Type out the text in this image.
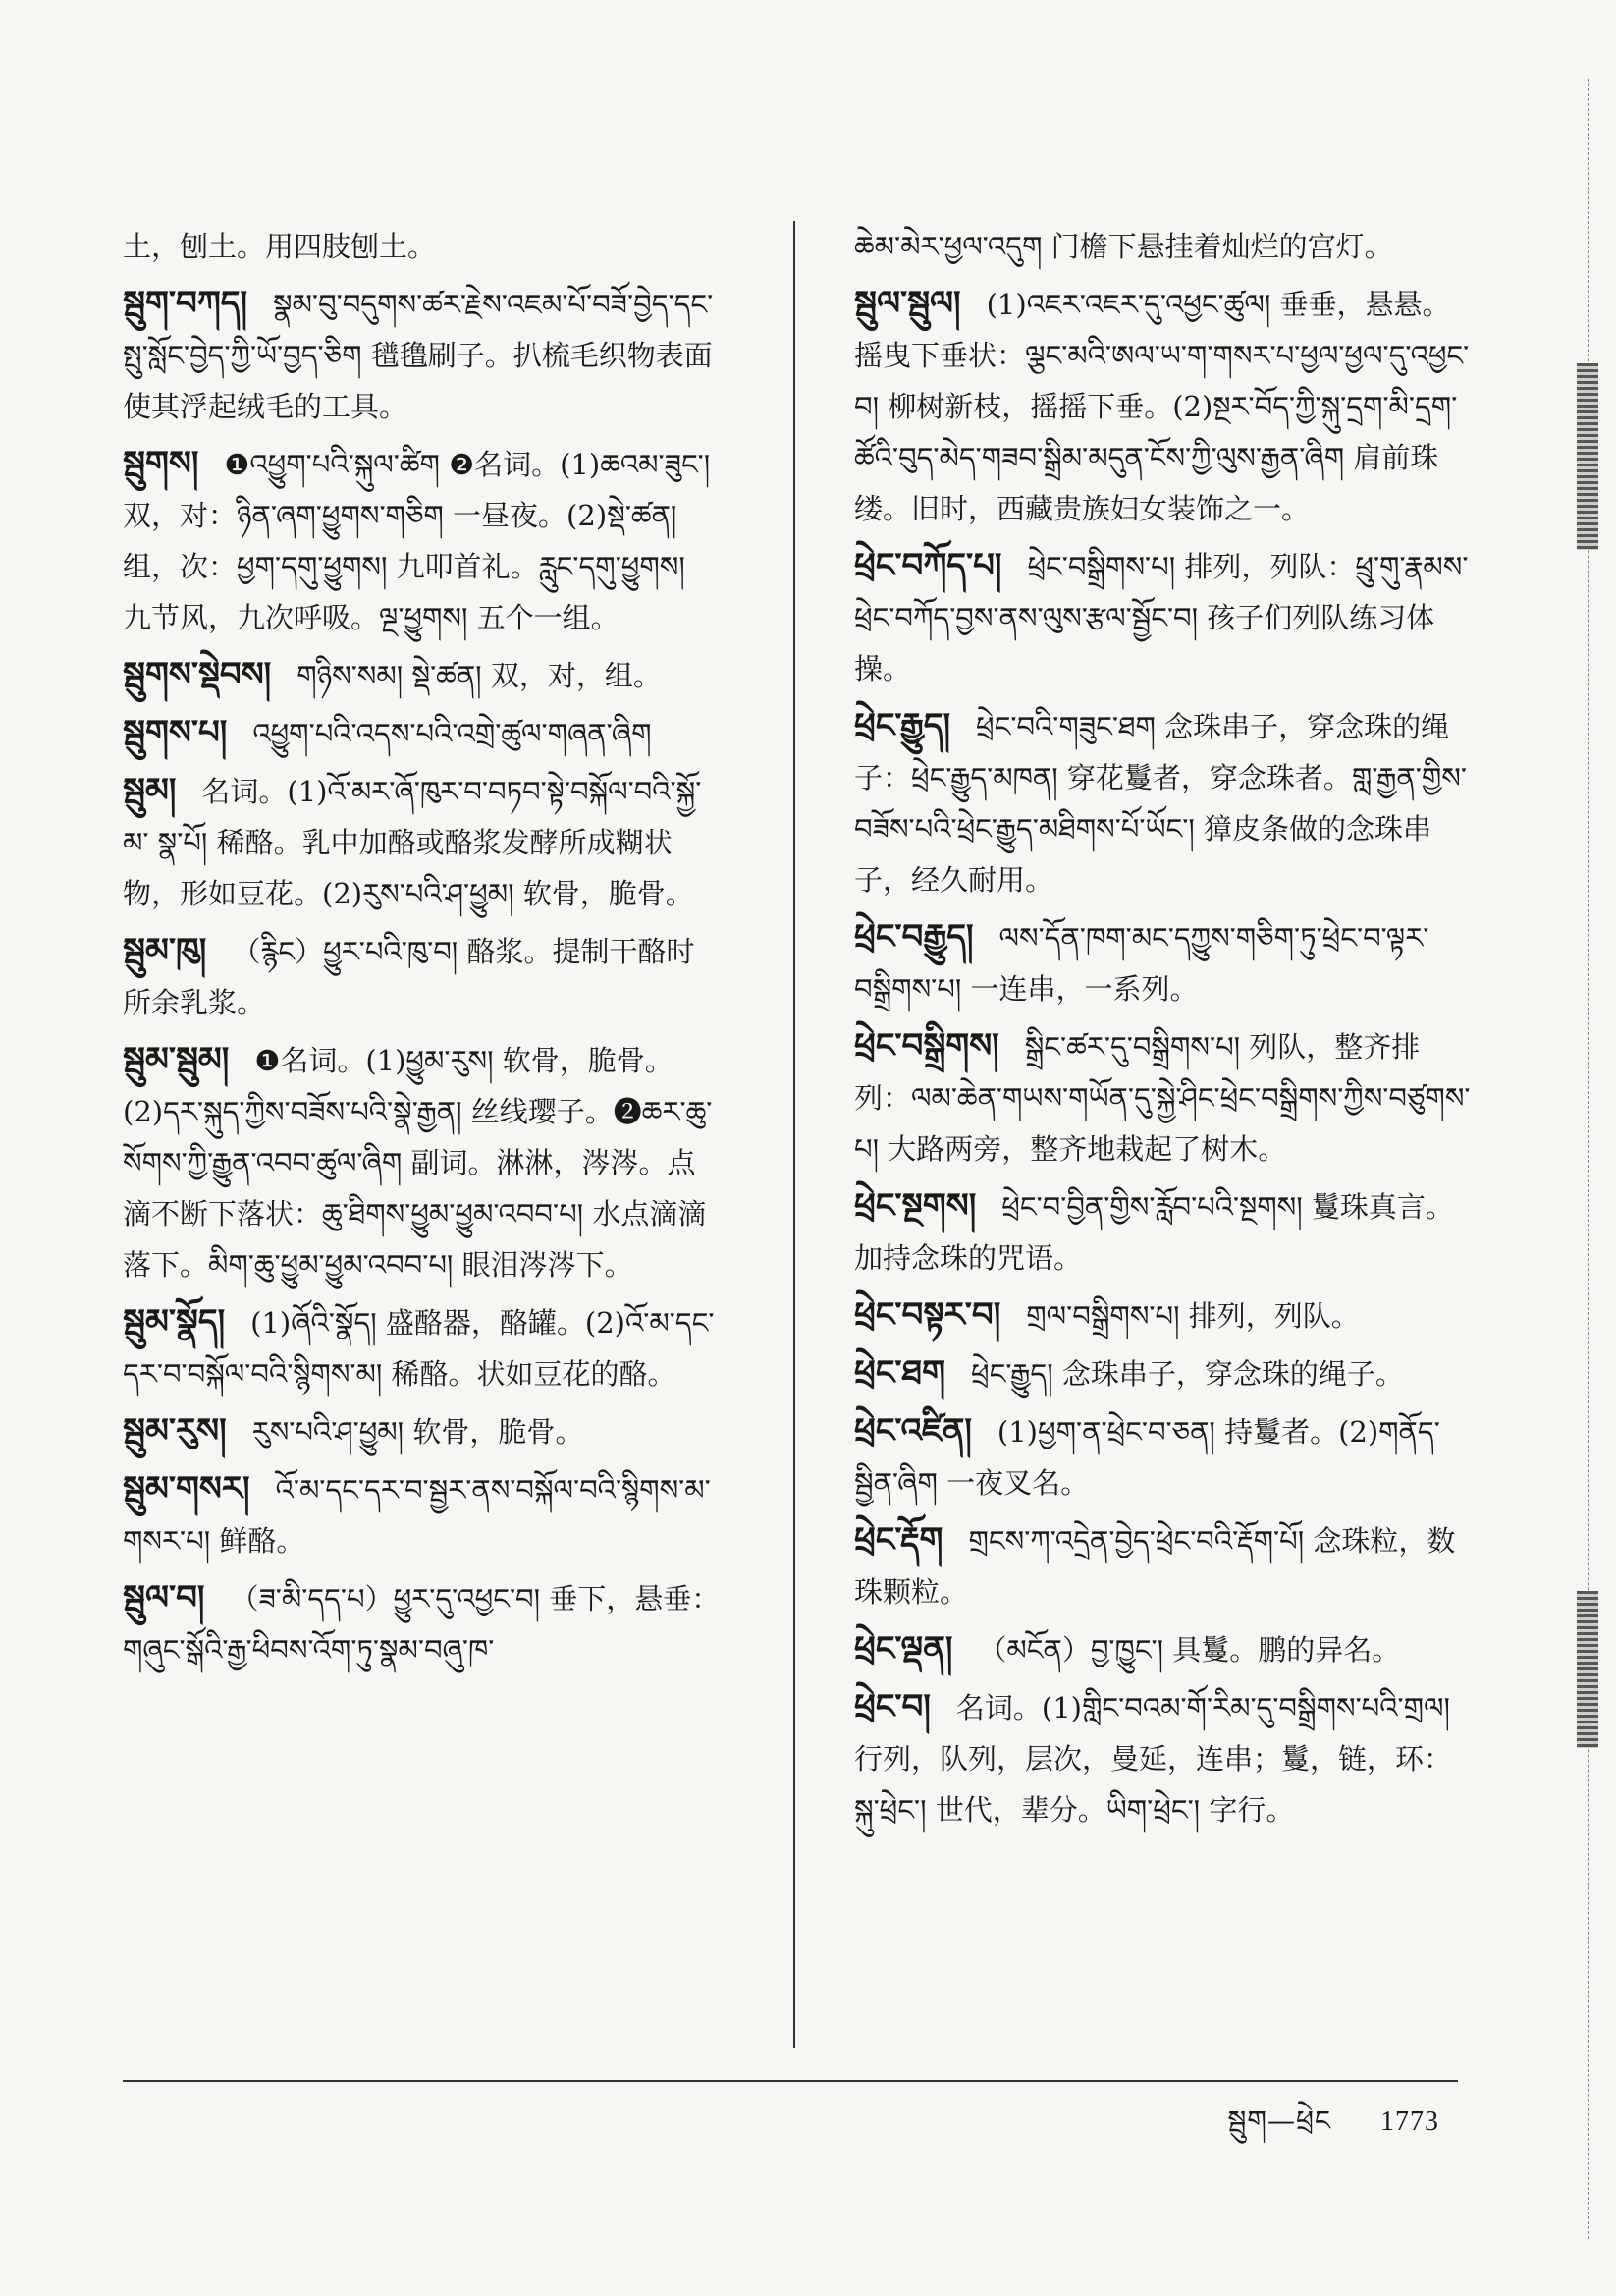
土，刨土。用四肢刨土。
སྦུག་བཀད། སྣམ་བུ་བདུགས་ཚར་རྗེས་འཇམ་པོ་བཟོ་བྱེད་དང་སྤུ་སློང་བྱེད་ཀྱི་ཡོ་བྱད་ཅིག 氆氇刷子。扒梳毛织物表面使其浮起绒毛的工具。
སྦུགས། ❶འཕྱུག་པའི་སྐུལ་ཚིག ❷名词。(1)ཆའམ་ཟུང་། 双，对：ཉིན་ཞག་ཕྱུགས་གཅིག 一昼夜。(2)སྡེ་ཚན། 组，次：ཕྱག་དགུ་ཕྱུགས། 九叩首礼。རླུང་དགུ་ཕྱུགས། 九节风，九次呼吸。ལྔ་ཕྱུགས། 五个一组。
སྦུགས་སྡེབས། གཉིས་སམ། སྡེ་ཚན། 双，对，组。
སྦུགས་པ། འཕྱུག་པའི་འདས་པའི་འགྲེ་ཚུལ་གཞན་ཞིག
སྦུམ། 名词。(1)འོ་མར་ཞོ་ཁུར་བ་བཏབ་སྟེ་བསྐོལ་བའི་སྐྱོ་མ་ སྣ་པོ། 稀酪。乳中加酪或酪浆发酵所成糊状物，形如豆花。(2)རུས་པའི་ཤ་ཕྱུམ། 软骨，脆骨。
སྦུམ་ཁུ། （རྙིང）ཕྱུར་པའི་ཁུ་བ། 酪浆。提制干酪时所余乳浆。
སྦུམ་སྦུམ། ❶名词。(1)ཕྱུམ་རུས། 软骨，脆骨。(2)དར་སྐུད་ཀྱིས་བཟོས་པའི་སྣེ་རྒྱན། 丝线璎子。❷ཆར་ཆུ་སོགས་ཀྱི་རྒྱུན་འབབ་ཚུལ་ཞིག 副词。淋淋，涔涔。点滴不断下落状：ཆུ་ཐིགས་ཕྱུམ་ཕྱུམ་འབབ་པ། 水点滴滴落下。མིག་ཆུ་ཕྱུམ་ཕྱུམ་འབབ་པ། 眼泪涔涔下。
སྦུམ་སྣོད། (1)ཞོའི་སྣོད། 盛酪器，酪罐。(2)འོ་མ་དང་དར་བ་བསྐོལ་བའི་སྙིགས་མ། 稀酪。状如豆花的酪。
སྦུམ་རུས། རུས་པའི་ཤ་ཕྱུམ། 软骨，脆骨。
སྦུམ་གསར། འོ་མ་དང་དར་བ་སྦྱར་ནས་བསྐོལ་བའི་སྙིགས་མ་གསར་པ། 鲜酪。
སྦུལ་བ། （ཟ་མི་དད་པ）ཕྱུར་དུ་འཕྱང་བ། 垂下，悬垂：གཞུང་སྒོའི་རྒྱ་ཕིབས་འོག་ཏུ་སྣམ་བཞུ་ཁ་
ཆེམ་མེར་ཕྱལ་འདུག 门檐下悬挂着灿烂的宫灯。
སྦུལ་སྦུལ། (1)འཇར་འཇར་དུ་འཕྱང་ཚུལ། 垂垂，悬悬。摇曳下垂状：ལྕང་མའི་ཨལ་ཡ་ག་གསར་པ་ཕྱལ་ཕྱལ་དུ་འཕྱང་བ། 柳树新枝，摇摇下垂。(2)སྔར་བོད་ཀྱི་སྐུ་དྲག་མི་དྲག་ཚོའི་བུད་མེད་གཟབ་སྒྲིམ་མདུན་ངོས་ཀྱི་ལུས་རྒྱན་ཞིག 肩前珠缕。旧时，西藏贵族妇女装饰之一。
ཕྲེང་བཀོད་པ། ཕྲེང་བསྒྲིགས་པ། 排列，列队：ཕྲུ་གུ་རྣམས་ཕྲེང་བཀོད་བྱས་ནས་ལུས་རྩལ་སྦྱོང་བ། 孩子们列队练习体操。
ཕྲེང་རྒྱུད། ཕྲེང་བའི་གཟུང་ཐག 念珠串子，穿念珠的绳子：ཕྲེང་རྒྱུད་མཁན། 穿花鬘者，穿念珠者。གླ་རྒྱན་གྱིས་བཟོས་པའི་ཕྲེང་རྒྱུད་མཐིགས་པོ་ཡོང་། 獐皮条做的念珠串子，经久耐用。
ཕྲེང་བརྒྱུད། ལས་དོན་ཁག་མང་དཀྱུས་གཅིག་ཏུ་ཕྲེང་བ་ལྟར་བསྒྲིགས་པ། 一连串，一系列。
ཕྲེང་བསྒྲིགས། སྒྲིང་ཚར་དུ་བསྒྲིགས་པ། 列队，整齐排列：ལམ་ཆེན་གཡས་གཡོན་དུ་སྐྱེ་ཤིང་ཕྲེང་བསྒྲིགས་ཀྱིས་བཙུགས་པ། 大路两旁，整齐地栽起了树木。
ཕྲེང་སྔགས། ཕྲེང་བ་བྱིན་གྱིས་རློབ་པའི་སྔགས། 鬘珠真言。加持念珠的咒语。
ཕྲེང་བསྟར་བ། གྲལ་བསྒྲིགས་པ། 排列，列队。
ཕྲེང་ཐག ཕྲེང་རྒྱུད། 念珠串子，穿念珠的绳子。
ཕྲེང་འཛིན། (1)ཕྱག་ན་ཕྲེང་བ་ཅན། 持鬘者。(2)གནོད་སྦྱིན་ཞིག 一夜叉名。
ཕྲེང་རྡོག གྲངས་ཀ་འདྲེན་བྱེད་ཕྲེང་བའི་རྡོག་པོ། 念珠粒，数珠颗粒。
ཕྲེང་ལྡན། （མངོན）བྱ་ཁྱུང་། 具鬘。鹏的异名。
ཕྲེང་བ། 名词。(1)གླིང་བའམ་གོ་རིམ་དུ་བསྒྲིགས་པའི་གྲལ། 行列，队列，层次，曼延，连串；鬘，链，环：སྐུ་ཕྲེང་། 世代，辈分。ཡིག་ཕྲེང་། 字行。
སྦུག—ཕྲེང 1773
